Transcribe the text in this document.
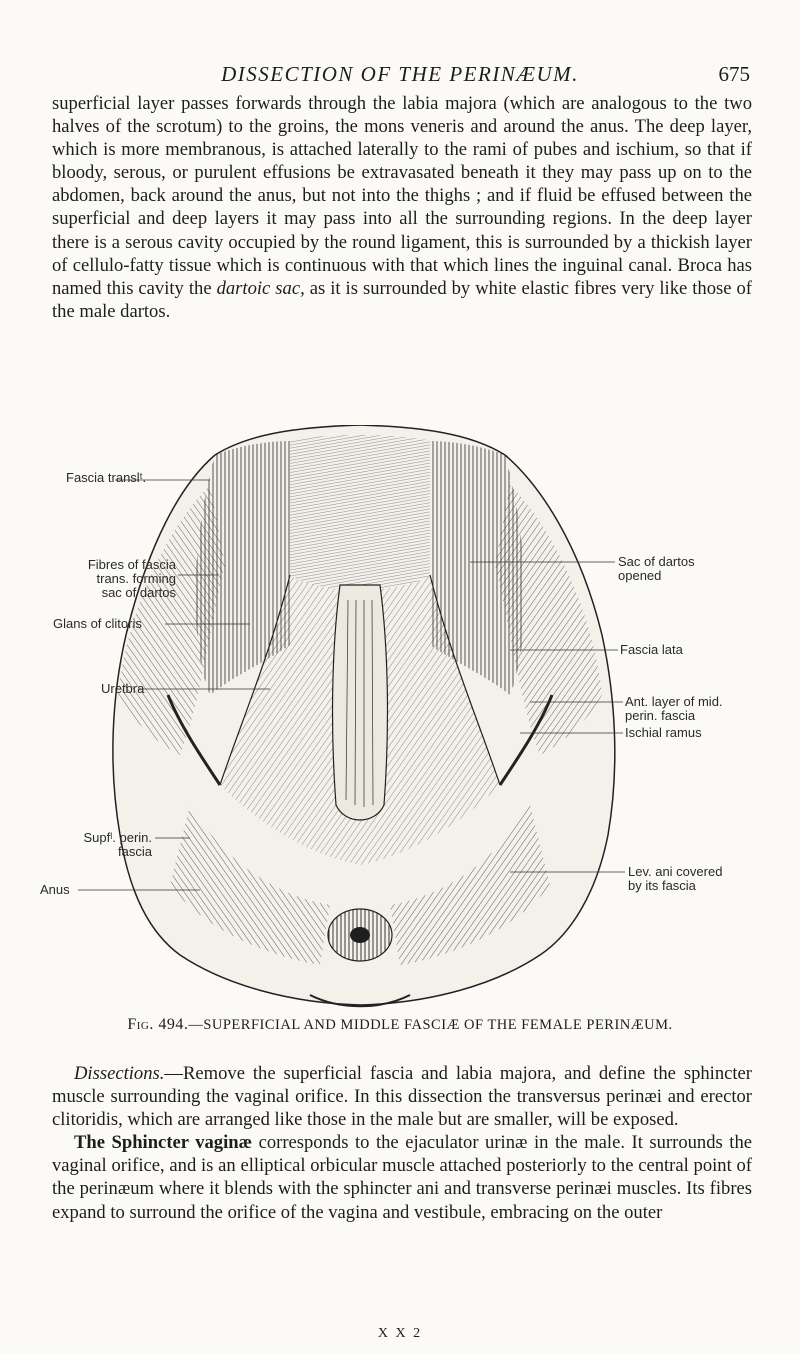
DISSECTION OF THE PERINÆUM.	675

superficial layer passes forwards through the labia majora (which are analogous to the two halves of the scrotum) to the groins, the mons veneris and around the anus. The deep layer, which is more membranous, is attached laterally to the rami of pubes and ischium, so that if bloody, serous, or purulent effusions be extravasated beneath it they may pass up on to the abdomen, back around the anus, but not into the thighs ; and if fluid be effused between the superficial and deep layers it may pass into all the surrounding regions. In the deep layer there is a serous cavity occupied by the round ligament, this is surrounded by a thickish layer of cellulo-fatty tissue which is continuous with that which lines the inguinal canal. Broca has named this cavity the dartoic sac, as it is surrounded by white elastic fibres very like those of the male dartos.

Fascia translᵗ.
Fibres of fascia
trans. forming
sac of dartos
Glans of clitoris
Uretbra
Supfˡ. perin.
fascia
Anus
Sac of dartos
opened
Fascia lata
Ant. layer of mid.
perin. fascia
Ischial ramus
Lev. ani covered
by its fascia
Fig. 494.—SUPERFICIAL AND MIDDLE FASCIÆ OF THE FEMALE PERINÆUM.

Dissections.—Remove the superficial fascia and labia majora, and define the sphincter muscle surrounding the vaginal orifice. In this dissection the transversus perinæi and erector clitoridis, which are arranged like those in the male but are smaller, will be exposed.

The Sphincter vaginæ corresponds to the ejaculator urinæ in the male. It surrounds the vaginal orifice, and is an elliptical orbicular muscle attached posteriorly to the central point of the perinæum where it blends with the sphincter ani and transverse perinæi muscles. Its fibres expand to surround the orifice of the vagina and vestibule, embracing on the outer

X X 2
